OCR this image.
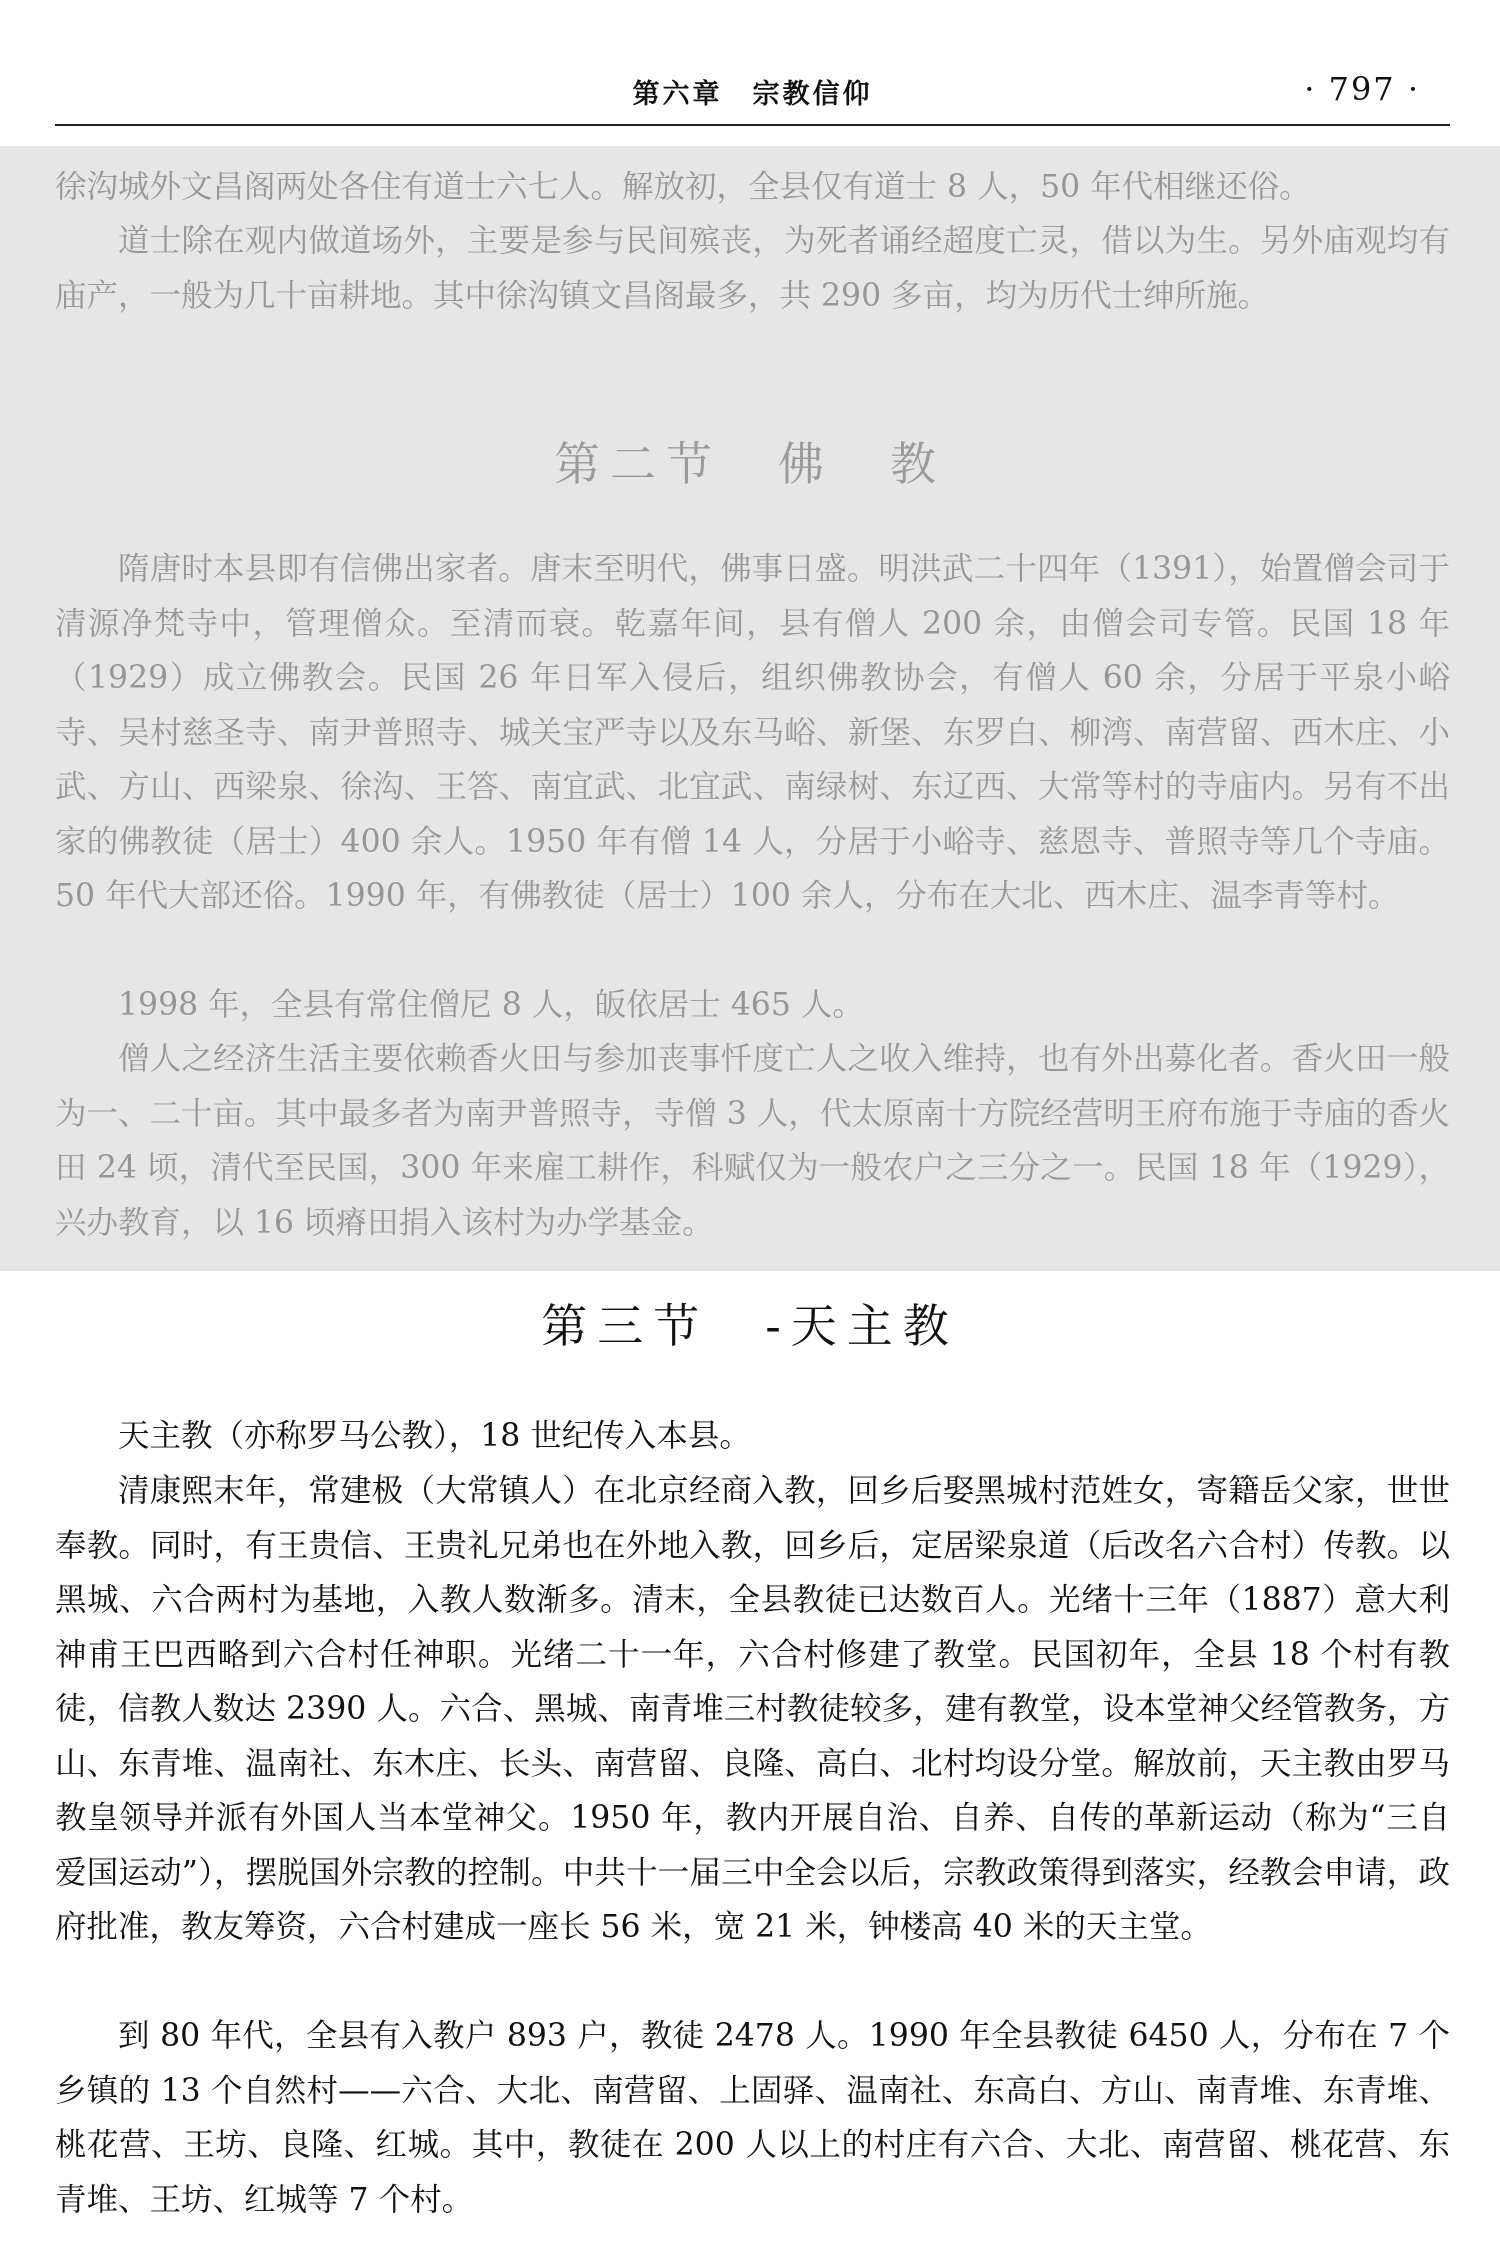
第六章　宗教信仰	· 797 ·

徐沟城外文昌阁两处各住有道士六七人。解放初，全县仅有道士 8 人，50 年代相继还俗。

道士除在观内做道场外，主要是参与民间殡丧，为死者诵经超度亡灵，借以为生。另外庙观均有庙产，一般为几十亩耕地。其中徐沟镇文昌阁最多，共 290 多亩，均为历代士绅所施。

第二节　佛　教

隋唐时本县即有信佛出家者。唐末至明代，佛事日盛。明洪武二十四年（1391），始置僧会司于清源净梵寺中，管理僧众。至清而衰。乾嘉年间，县有僧人 200 余，由僧会司专管。民国 18 年（1929）成立佛教会。民国 26 年日军入侵后，组织佛教协会，有僧人 60 余，分居于平泉小峪寺、吴村慈圣寺、南尹普照寺、城关宝严寺以及东马峪、新堡、东罗白、柳湾、南营留、西木庄、小武、方山、西梁泉、徐沟、王答、南宜武、北宜武、南绿树、东辽西、大常等村的寺庙内。另有不出家的佛教徒（居士）400 余人。1950 年有僧 14 人，分居于小峪寺、慈恩寺、普照寺等几个寺庙。50 年代大部还俗。1990 年，有佛教徒（居士）100 余人，分布在大北、西木庄、温李青等村。

1998 年，全县有常住僧尼 8 人，皈依居士 465 人。

僧人之经济生活主要依赖香火田与参加丧事忏度亡人之收入维持，也有外出募化者。香火田一般为一、二十亩。其中最多者为南尹普照寺，寺僧 3 人，代太原南十方院经营明王府布施于寺庙的香火田 24 顷，清代至民国，300 年来雇工耕作，科赋仅为一般农户之三分之一。民国 18 年（1929），兴办教育，以 16 顷瘠田捐入该村为办学基金。

第三节　-天主教

天主教（亦称罗马公教），18 世纪传入本县。

清康熙末年，常建极（大常镇人）在北京经商入教，回乡后娶黑城村范姓女，寄籍岳父家，世世奉教。同时，有王贵信、王贵礼兄弟也在外地入教，回乡后，定居梁泉道（后改名六合村）传教。以黑城、六合两村为基地，入教人数渐多。清末，全县教徒已达数百人。光绪十三年（1887）意大利神甫王巴西略到六合村任神职。光绪二十一年，六合村修建了教堂。民国初年，全县 18 个村有教徒，信教人数达 2390 人。六合、黑城、南青堆三村教徒较多，建有教堂，设本堂神父经管教务，方山、东青堆、温南社、东木庄、长头、南营留、良隆、高白、北村均设分堂。解放前，天主教由罗马教皇领导并派有外国人当本堂神父。1950 年，教内开展自治、自养、自传的革新运动（称为“三自爱国运动”），摆脱国外宗教的控制。中共十一届三中全会以后，宗教政策得到落实，经教会申请，政府批准，教友筹资，六合村建成一座长 56 米，宽 21 米，钟楼高 40 米的天主堂。

到 80 年代，全县有入教户 893 户，教徒 2478 人。1990 年全县教徒 6450 人，分布在 7 个乡镇的 13 个自然村——六合、大北、南营留、上固驿、温南社、东高白、方山、南青堆、东青堆、桃花营、王坊、良隆、红城。其中，教徒在 200 人以上的村庄有六合、大北、南营留、桃花营、东青堆、王坊、红城等 7 个村。
